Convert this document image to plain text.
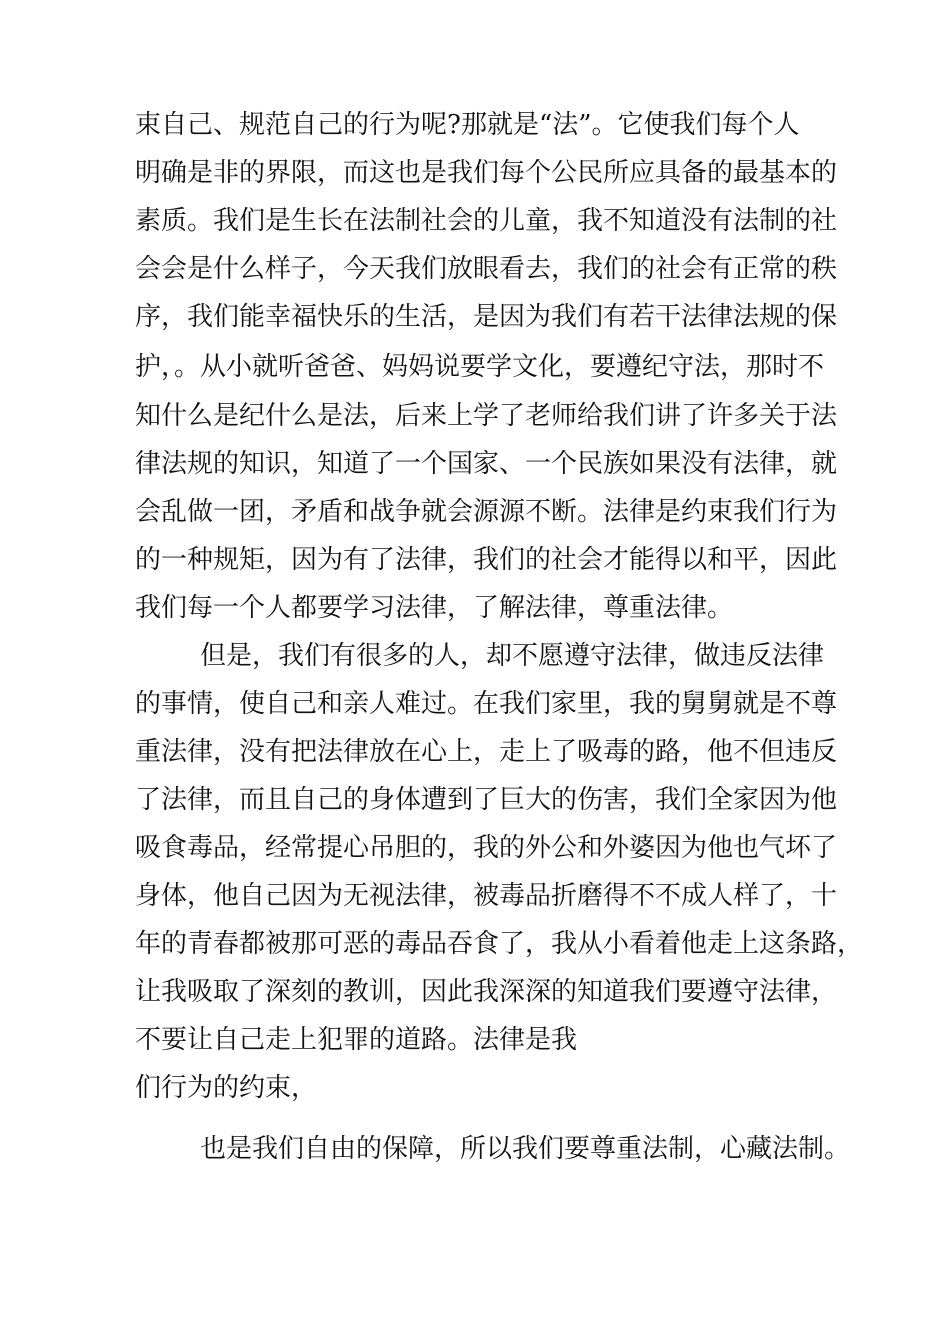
束自己、规范自己的行为呢?那就是“法”。它使我们每个人
明确是非的界限，而这也是我们每个公民所应具备的最基本的
素质。我们是生长在法制社会的儿童，我不知道没有法制的社
会会是什么样子，今天我们放眼看去，我们的社会有正常的秩
序，我们能幸福快乐的生活，是因为我们有若干法律法规的保
护，。从小就听爸爸、妈妈说要学文化，要遵纪守法，那时不
知什么是纪什么是法，后来上学了老师给我们讲了许多关于法
律法规的知识，知道了一个国家、一个民族如果没有法律，就
会乱做一团，矛盾和战争就会源源不断。法律是约束我们行为
的一种规矩，因为有了法律，我们的社会才能得以和平，因此
我们每一个人都要学习法律，了解法律，尊重法律。
但是，我们有很多的人，却不愿遵守法律，做违反法律
的事情，使自己和亲人难过。在我们家里，我的舅舅就是不尊
重法律，没有把法律放在心上，走上了吸毒的路，他不但违反
了法律，而且自己的身体遭到了巨大的伤害，我们全家因为他
吸食毒品，经常提心吊胆的，我的外公和外婆因为他也气坏了
身体，他自己因为无视法律，被毒品折磨得不不成人样了，十
年的青春都被那可恶的毒品吞食了，我从小看着他走上这条路，
让我吸取了深刻的教训，因此我深深的知道我们要遵守法律，
不要让自己走上犯罪的道路。法律是我
们行为的约束，
也是我们自由的保障，所以我们要尊重法制，心藏法制。
